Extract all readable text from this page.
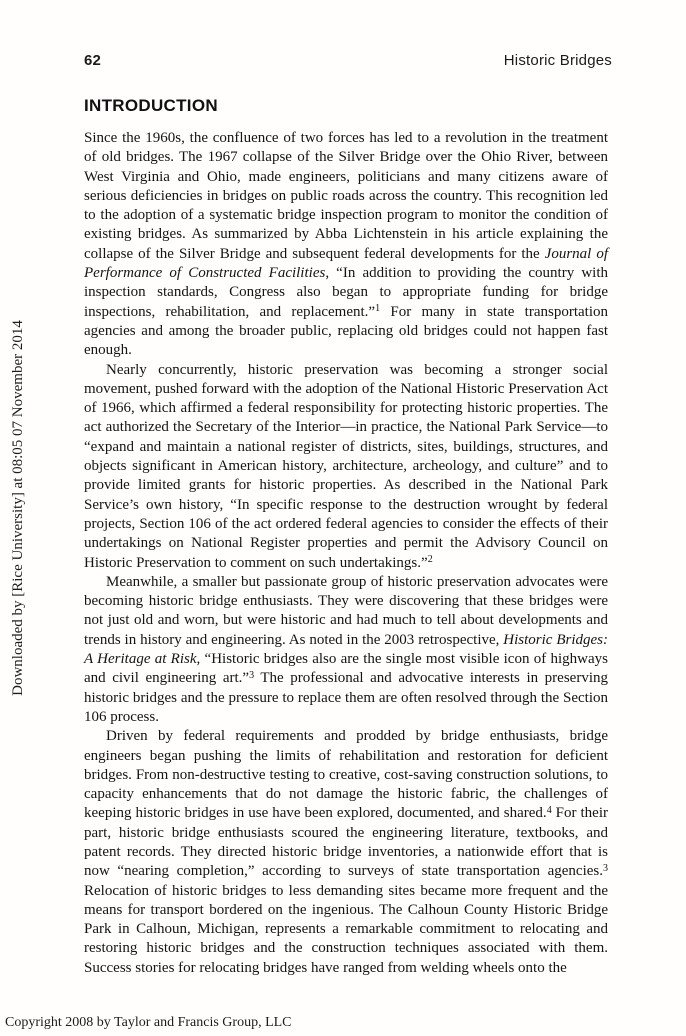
62	Historic Bridges
INTRODUCTION

Since the 1960s, the confluence of two forces has led to a revolution in the treatment of old bridges. The 1967 collapse of the Silver Bridge over the Ohio River, between West Virginia and Ohio, made engineers, politicians and many citizens aware of serious deficiencies in bridges on public roads across the country. This recognition led to the adoption of a systematic bridge inspection program to monitor the condition of existing bridges. As summarized by Abba Lichtenstein in his article explaining the collapse of the Silver Bridge and subsequent federal developments for the Journal of Performance of Constructed Facilities, “In addition to providing the country with inspection standards, Congress also began to appropriate funding for bridge inspections, rehabilitation, and replacement.”$^1$ For many in state transportation agencies and among the broader public, replacing old bridges could not happen fast enough.

Nearly concurrently, historic preservation was becoming a stronger social movement, pushed forward with the adoption of the National Historic Preservation Act of 1966, which affirmed a federal responsibility for protecting historic properties. The act authorized the Secretary of the Interior—in practice, the National Park Service—to “expand and maintain a national register of districts, sites, buildings, structures, and objects significant in American history, architecture, archeology, and culture” and to provide limited grants for historic properties. As described in the National Park Service’s own history, “In specific response to the destruction wrought by federal projects, Section 106 of the act ordered federal agencies to consider the effects of their undertakings on National Register properties and permit the Advisory Council on Historic Preservation to comment on such undertakings.”$^2$

Meanwhile, a smaller but passionate group of historic preservation advocates were becoming historic bridge enthusiasts. They were discovering that these bridges were not just old and worn, but were historic and had much to tell about developments and trends in history and engineering. As noted in the 2003 retrospective, Historic Bridges: A Heritage at Risk, “Historic bridges also are the single most visible icon of highways and civil engineering art.”$^3$ The professional and advocative interests in preserving historic bridges and the pressure to replace them are often resolved through the Section 106 process.

Driven by federal requirements and prodded by bridge enthusiasts, bridge engineers began pushing the limits of rehabilitation and restoration for deficient bridges. From non-destructive testing to creative, cost-saving construction solutions, to capacity enhancements that do not damage the historic fabric, the challenges of keeping historic bridges in use have been explored, documented, and shared.$^4$ For their part, historic bridge enthusiasts scoured the engineering literature, textbooks, and patent records. They directed historic bridge inventories, a nationwide effort that is now “nearing completion,” according to surveys of state transportation agencies.$^3$ Relocation of historic bridges to less demanding sites became more frequent and the means for transport bordered on the ingenious. The Calhoun County Historic Bridge Park in Calhoun, Michigan, represents a remarkable commitment to relocating and restoring historic bridges and the construction techniques associated with them. Success stories for relocating bridges have ranged from welding wheels onto the

Downloaded by [Rice University] at 08:05 07 November 2014
Copyright 2008 by Taylor and Francis Group, LLC
